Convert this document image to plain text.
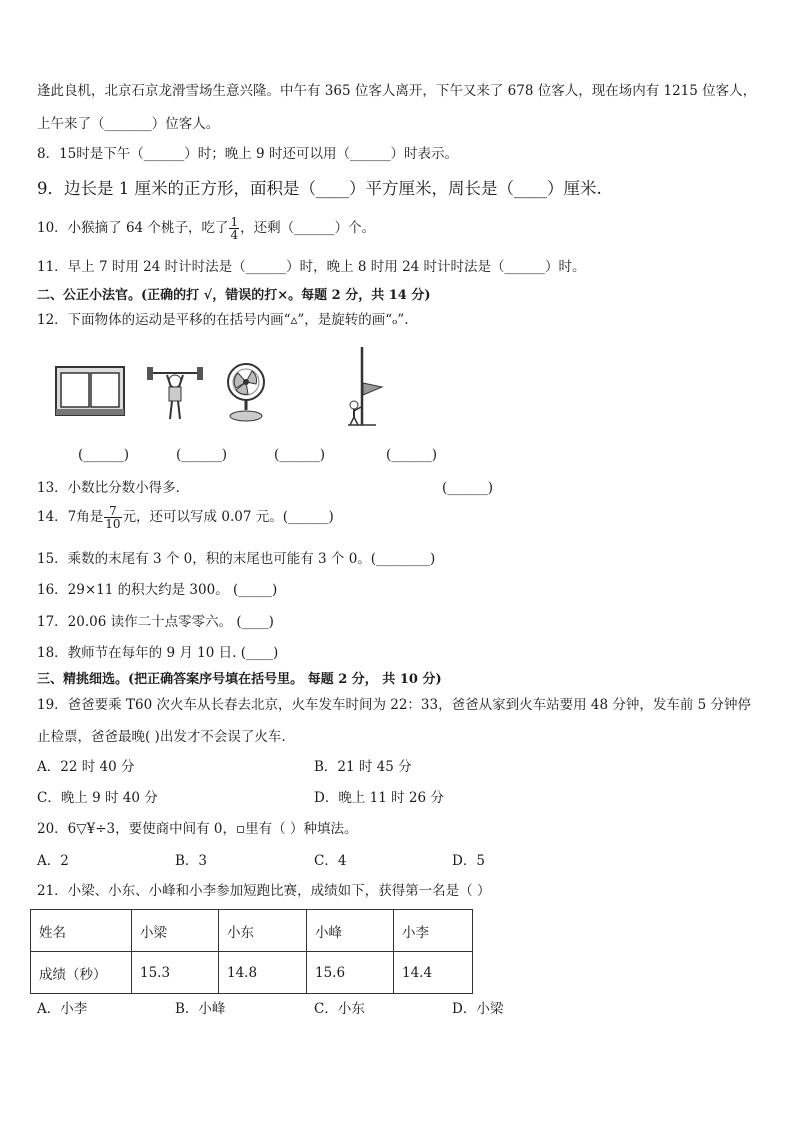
逢此良机，北京石京龙滑雪场生意兴隆。中午有 365 位客人离开，下午又来了 678 位客人，现在场内有 1215 位客人，
上午来了（_______）位客人。
8．15时是下午（______）时；晚上 9 时还可以用（______）时表示。
9．边长是 1 厘米的正方形，面积是（____）平方厘米，周长是（____）厘米.
10．小猴摘了 64 个桃子，吃了 $\frac{1}{4}$ ，还剩（______）个。
11．早上 7 时用 24 时计时法是（______）时，晚上 8 时用 24 时计时法是（______）时。
二、公正小法官。(正确的打 √，错误的打×。每题 2 分，共 14 分)
12．下面物体的运动是平移的在括号内画“▵”，是旋转的画“ₒ”.
(______)	(______)	(______)	(______)
13．小数比分数小得多．	(______)
14．7角是 $\frac{7}{10}$ 元，还可以写成 0.07 元。(______)
15．乘数的末尾有 3 个 0，积的末尾也可能有 3 个 0。(________)
16．29×11 的积大约是 300。 (_____)
17．20.06 读作二十点零零六。 (____)
18．教师节在每年的 9 月 10 日. (____)
三、精挑细选。(把正确答案序号填在括号里。 每题 2 分， 共 10 分)
19．爸爸要乘 T60 次火车从长春去北京，火车发车时间为 22：33，爸爸从家到火车站要用 48 分钟，发车前 5 分钟停
止检票，爸爸最晚( )出发才不会误了火车.
A．22 时 40 分	B．21 时 45 分
C．晚上 9 时 40 分	D．晚上 11 时 26 分
20．6▽¥÷3，要使商中间有 0，▫里有（ ）种填法。
A．2	B．3	C．4	D．5
21．小梁、小东、小峰和小李参加短跑比赛，成绩如下，获得第一名是（ ）
姓名	小梁	小东	小峰	小李
成绩（秒）	15.3	14.8	15.6	14.4
A．小李	B．小峰	C．小东	D．小梁
